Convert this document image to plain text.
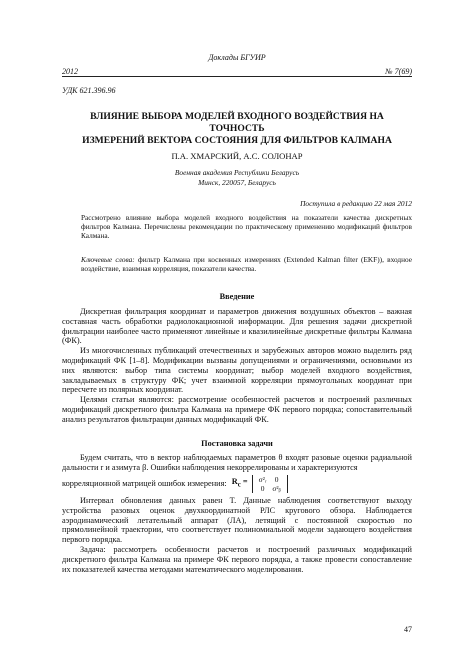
Доклады БГУИР
2012	№ 7(69)
УДК 621.396.96
ВЛИЯНИЕ ВЫБОРА МОДЕЛЕЙ ВХОДНОГО ВОЗДЕЙСТВИЯ НА ТОЧНОСТЬ
ИЗМЕРЕНИЙ ВЕКТОРА СОСТОЯНИЯ ДЛЯ ФИЛЬТРОВ КАЛМАНА
П.А. ХМАРСКИЙ, А.С. СОЛОНАР
Военная академия Республики Беларусь
Минск, 220057, Беларусь
Поступила в редакцию 22 мая 2012
Рассмотрено влияние выбора моделей входного воздействия на показатели качества дискретных фильтров Калмана. Перечислены рекомендации по практическому применению модификаций фильтров Калмана.
Ключевые слова: фильтр Калмана при косвенных измерениях (Extended Kalman filter (EKF)), входное воздействие, взаимная корреляция, показатели качества.
Введение

Дискретная фильтрация координат и параметров движения воздушных объектов – важная составная часть обработки радиолокационной информации. Для решения задачи дискретной фильтрации наиболее часто применяют линейные и квазилинейные дискретные фильтры Калмана (ФК).

Из многочисленных публикаций отечественных и зарубежных авторов можно выделить ряд модификаций ФК [1–8]. Модификации вызваны допущениями и ограничениями, основными из них являются: выбор типа системы координат; выбор моделей входного воздействия, закладываемых в структуру ФК; учет взаимной корреляции прямоугольных координат при пересчете из полярных координат.

Целями статьи являются: рассмотрение особенностей расчетов и построений различных модификаций дискретного фильтра Калмана на примере ФК первого порядка; сопоставительный анализ результатов фильтрации данных модификаций ФК.

Постановка задачи

Будем считать, что в вектор наблюдаемых параметров θ входят разовые оценки радиальной дальности r и азимута β. Ошибки наблюдения некоррелированы и характеризуются

корреляционной матрицей ошибок измерения: $R_c$ =	σ²ᵣ	0
0	σ²ᵦ

Интервал обновления данных равен T. Данные наблюдения соответствуют выходу устройства разовых оценок двухкоординатной РЛС кругового обзора. Наблюдается аэродинамический летательный аппарат (ЛА), летящий с постоянной скоростью по прямолинейной траектории, что соответствует полиномиальной модели задающего воздействия первого порядка.

Задача: рассмотреть особенности расчетов и построений различных модификаций дискретного фильтра Калмана на примере ФК первого порядка, а также провести сопоставление их показателей качества методами математического моделирования.

47
